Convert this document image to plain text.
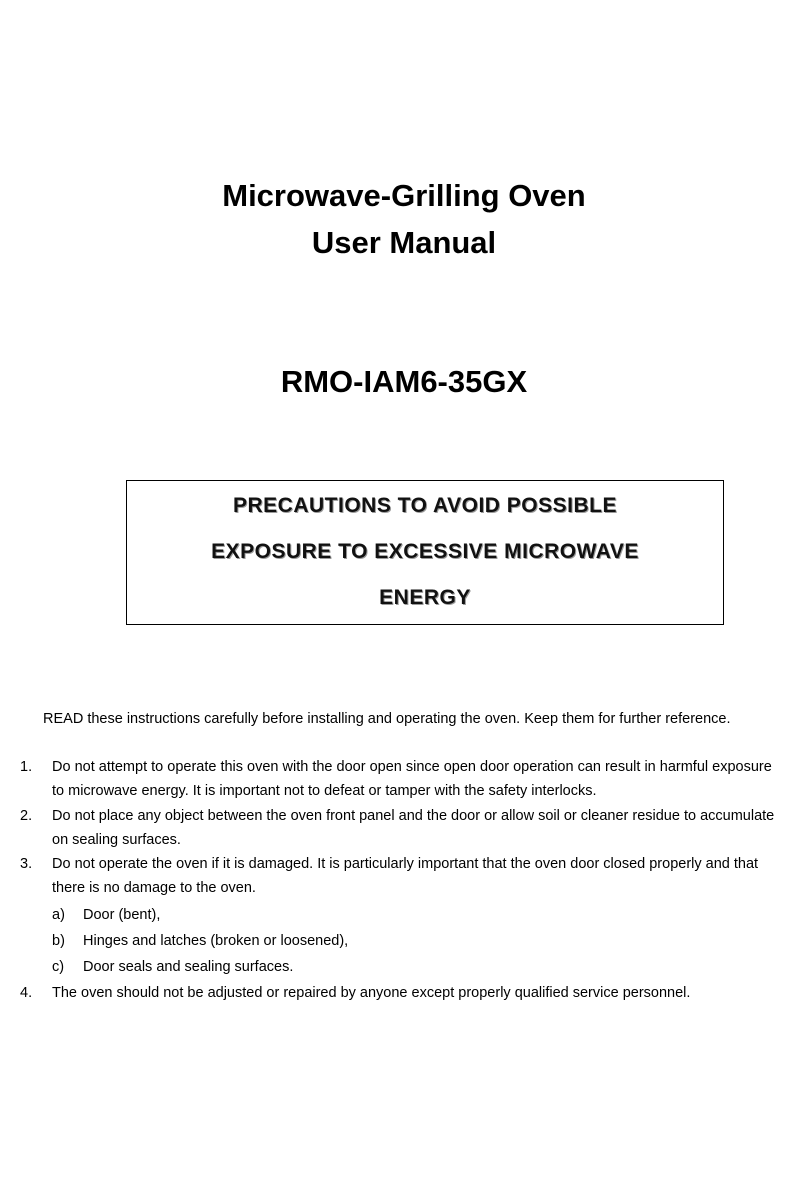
Microwave-Grilling Oven

User Manual

RMO-IAM6-35GX

PRECAUTIONS TO AVOID POSSIBLE

EXPOSURE TO EXCESSIVE MICROWAVE

ENERGY

READ these instructions carefully before installing and operating the oven. Keep them for further reference.

1. Do not attempt to operate this oven with the door open since open door operation can result in harmful exposure
to microwave energy. It is important not to defeat or tamper with the safety interlocks.
2. Do not place any object between the oven front panel and the door or allow soil or cleaner residue to accumulate
on sealing surfaces.
3. Do not operate the oven if it is damaged. It is particularly important that the oven door closed properly and that
there is no damage to the oven.
a) Door (bent),
b) Hinges and latches (broken or loosened),
c) Door seals and sealing surfaces.
4. The oven should not be adjusted or repaired by anyone except properly qualified service personnel.
